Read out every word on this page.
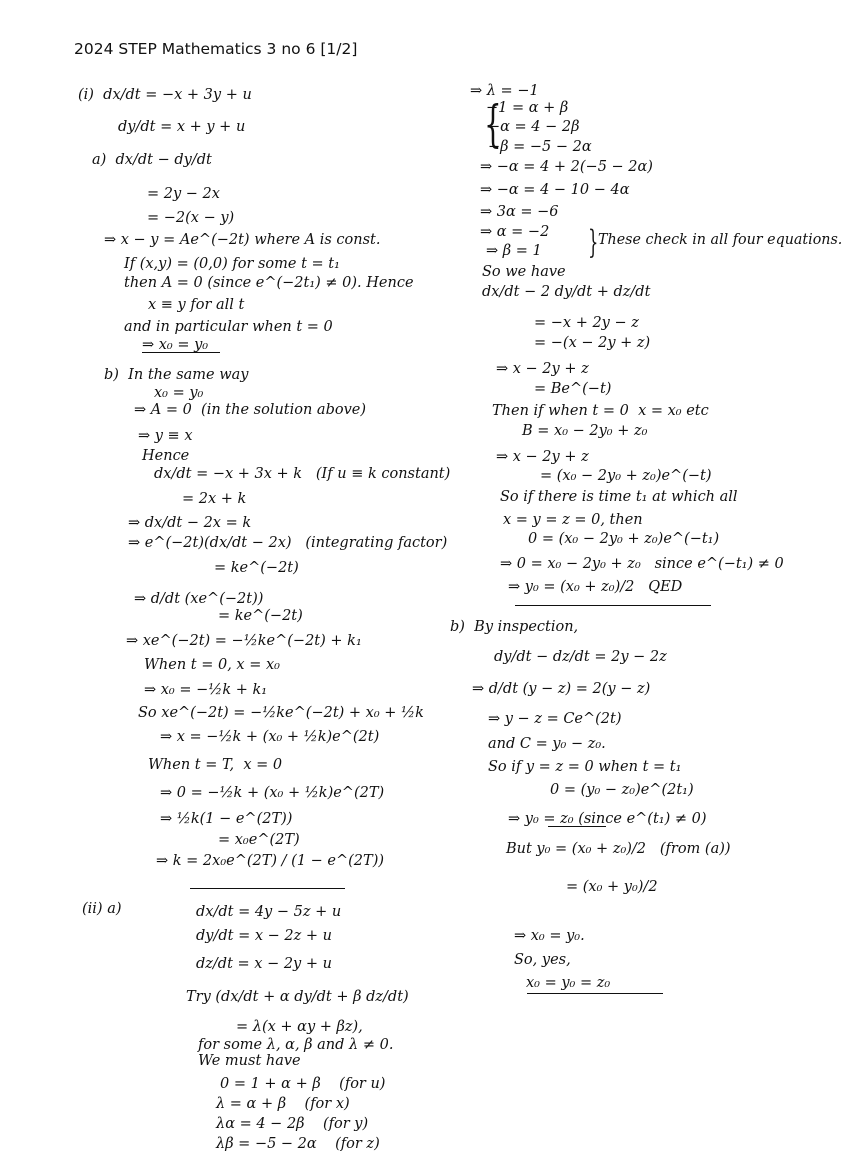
2024 STEP Mathematics 3 no 6 [1/2]
(i)  dx/dt = −x + 3y + u
dy/dt = x + y + u
a)  dx/dt − dy/dt
= 2y − 2x
= −2(x − y)
⇒ x − y = Ae^(−2t) where A is const.
If (x,y) = (0,0) for some t = t₁
then A = 0 (since e^(−2t₁) ≠ 0). Hence
x ≡ y for all t
and in particular when t = 0
⇒ x₀ = y₀
b)  In the same way
x₀ = y₀
⇒ A = 0  (in the solution above)
⇒ y ≡ x
Hence
dx/dt = −x + 3x + k   (If u ≡ k constant)
= 2x + k
⇒ dx/dt − 2x = k
⇒ e^(−2t)(dx/dt − 2x)   (integrating factor)
= ke^(−2t)
⇒ d/dt (xe^(−2t))
= ke^(−2t)
⇒ xe^(−2t) = −½ke^(−2t) + k₁
When t = 0, x = x₀
⇒ x₀ = −½k + k₁
So xe^(−2t) = −½ke^(−2t) + x₀ + ½k
⇒ x = −½k + (x₀ + ½k)e^(2t)
When t = T,  x = 0
⇒ 0 = −½k + (x₀ + ½k)e^(2T)
⇒ ½k(1 − e^(2T))
= x₀e^(2T)
⇒ k = 2x₀e^(2T) / (1 − e^(2T))
(ii) a)	dx/dt = 4y − 5z + u
dy/dt = x − 2z + u
dz/dt = x − 2y + u
Try (dx/dt + α dy/dt + β dz/dt)
= λ(x + αy + βz),
for some λ, α, β and λ ≠ 0.
We must have
0 = 1 + α + β    (for u)
λ = α + β    (for x)
λα = 4 − 2β    (for y)
λβ = −5 − 2α    (for z)
⇒ λ = −1
−1 = α + β
−α = 4 − 2β
−β = −5 − 2α
⇒ −α = 4 + 2(−5 − 2α)
⇒ −α = 4 − 10 − 4α
⇒ 3α = −6
⇒ α = −2
⇒ β = 1
These check in all four equations.
So we have
dx/dt − 2 dy/dt + dz/dt
= −x + 2y − z
= −(x − 2y + z)
⇒ x − 2y + z
= Be^(−t)
Then if when t = 0  x = x₀ etc
B = x₀ − 2y₀ + z₀
⇒ x − 2y + z
= (x₀ − 2y₀ + z₀)e^(−t)
So if there is time t₁ at which all
x = y = z = 0, then
0 = (x₀ − 2y₀ + z₀)e^(−t₁)
⇒ 0 = x₀ − 2y₀ + z₀   since e^(−t₁) ≠ 0
⇒ y₀ = (x₀ + z₀)/2   QED
b)  By inspection,
dy/dt − dz/dt = 2y − 2z
⇒ d/dt (y − z) = 2(y − z)
⇒ y − z = Ce^(2t)
and C = y₀ − z₀.
So if y = z = 0 when t = t₁
0 = (y₀ − z₀)e^(2t₁)
⇒ y₀ = z₀ (since e^(t₁) ≠ 0)
But y₀ = (x₀ + z₀)/2   (from (a))
= (x₀ + y₀)/2
⇒ x₀ = y₀.
So, yes,
x₀ = y₀ = z₀
{
}
